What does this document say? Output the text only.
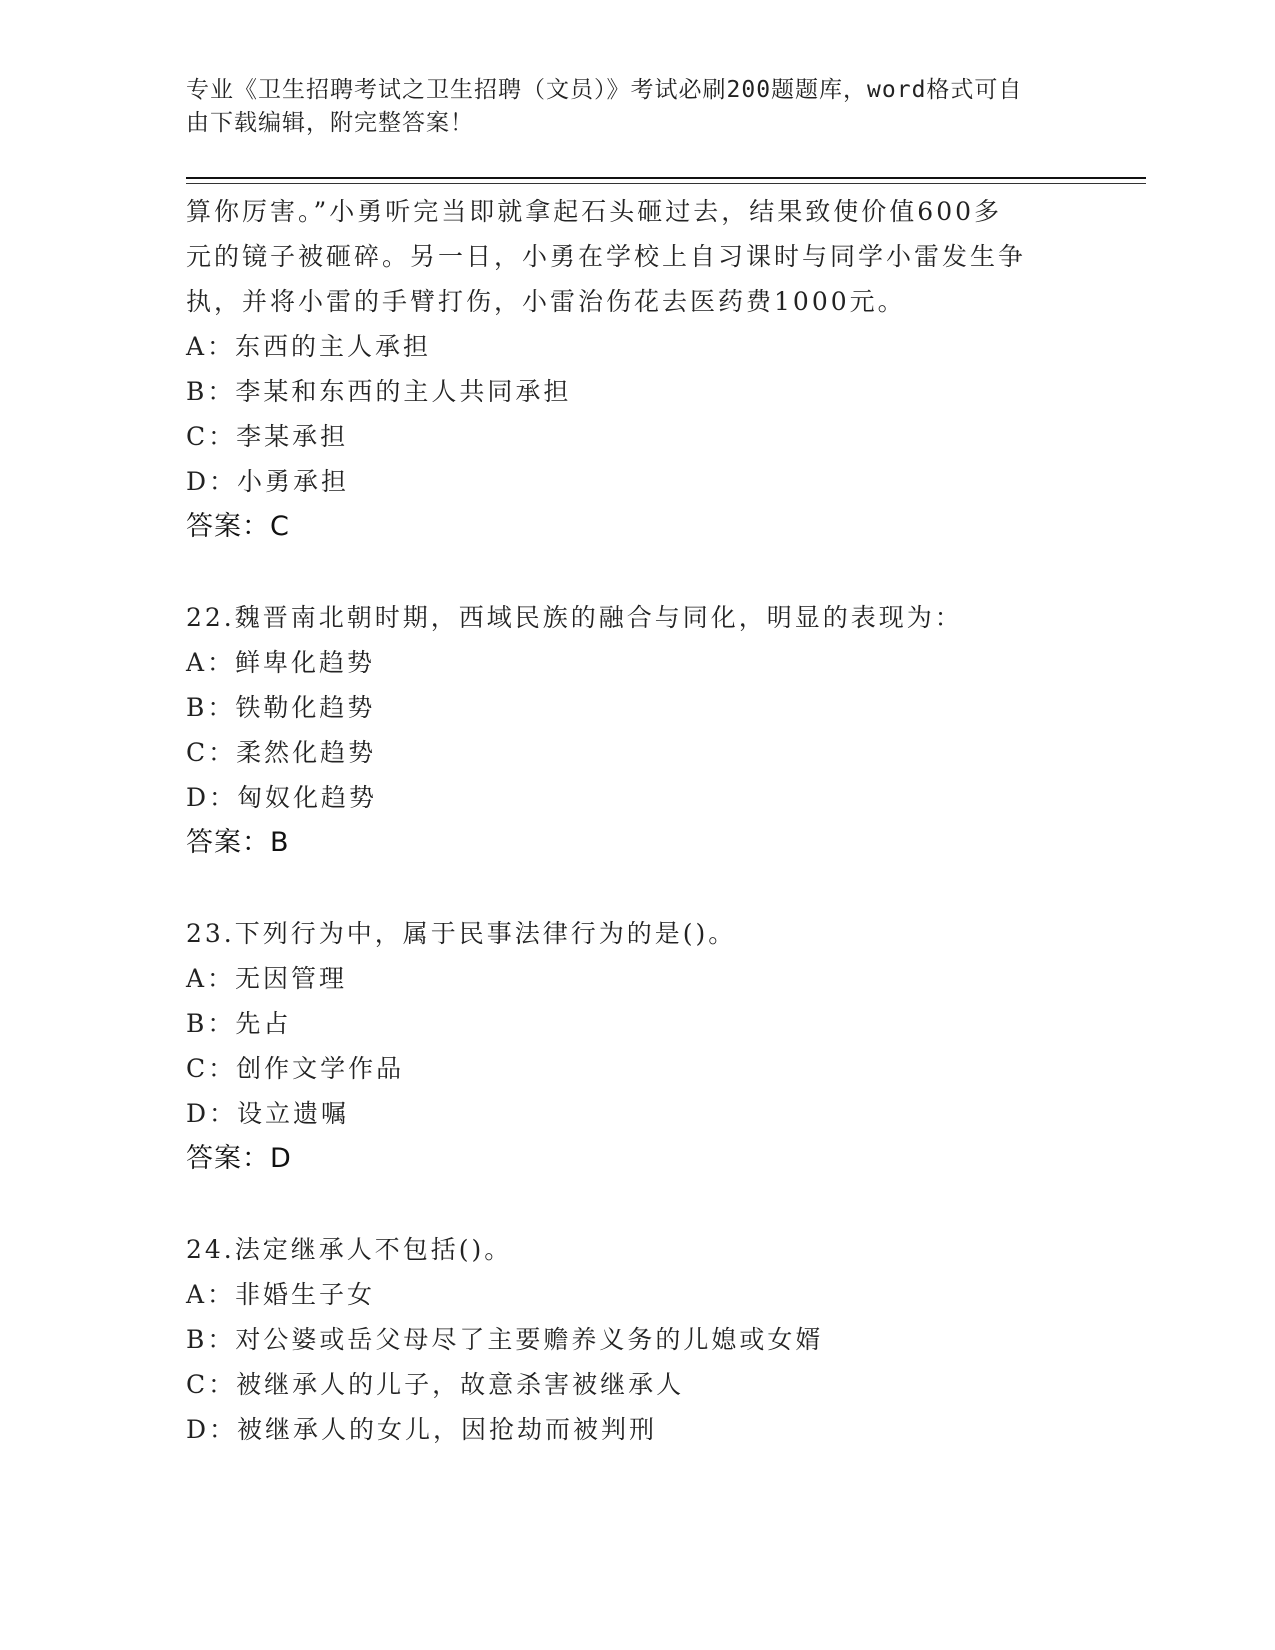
专业《卫生招聘考试之卫生招聘（文员）》考试必刷200题题库，word格式可自
由下载编辑，附完整答案！
算你厉害。”小勇听完当即就拿起石头砸过去，结果致使价值600多
元的镜子被砸碎。另一日，小勇在学校上自习课时与同学小雷发生争
执，并将小雷的手臂打伤，小雷治伤花去医药费1000元。
A：东西的主人承担
B：李某和东西的主人共同承担
C：李某承担
D：小勇承担
答案：C
22.魏晋南北朝时期，西域民族的融合与同化，明显的表现为：
A：鲜卑化趋势
B：铁勒化趋势
C：柔然化趋势
D：匈奴化趋势
答案：B
23.下列行为中，属于民事法律行为的是()。
A：无因管理
B：先占
C：创作文学作品
D：设立遗嘱
答案：D
24.法定继承人不包括()。
A：非婚生子女
B：对公婆或岳父母尽了主要赡养义务的儿媳或女婿
C：被继承人的儿子，故意杀害被继承人
D：被继承人的女儿，因抢劫而被判刑
